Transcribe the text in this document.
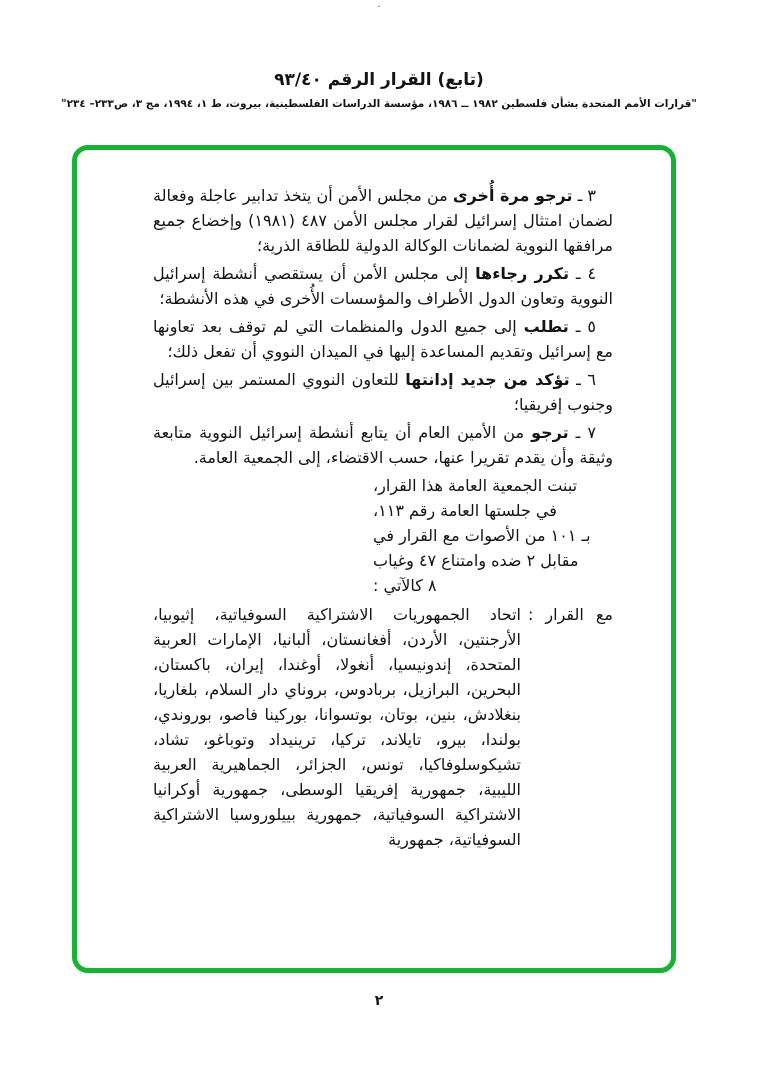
·
(تابع) القرار الرقم ٩٣/٤٠
"قرارات الأمم المتحدة بشأن فلسطين ١٩٨٢ ــ ١٩٨٦، مؤسسة الدراسات الفلسطينية، بيروت، ط ١، ١٩٩٤، مج ٣، ص٢٣٣– ٢٣٤"

٣ ـ ترجو مرة أُخرى من مجلس الأمن أن يتخذ تدابير عاجلة وفعالة لضمان امتثال إسرائيل لقرار مجلس الأمن ٤٨٧ (١٩٨١) وإخضاع جميع مرافقها النووية لضمانات الوكالة الدولية للطاقة الذرية؛

٤ ـ تكرر رجاءها إلى مجلس الأمن أن يستقصي أنشطة إسرائيل النووية وتعاون الدول الأطراف والمؤسسات الأُخرى في هذه الأنشطة؛

٥ ـ تطلب إلى جميع الدول والمنظمات التي لم توقف بعد تعاونها مع إسرائيل وتقديم المساعدة إليها في الميدان النووي أن تفعل ذلك؛

٦ ـ تؤكد من جديد إدانتها للتعاون النووي المستمر بين إسرائيل وجنوب إفريقيا؛

٧ ـ ترجو من الأمين العام أن يتابع أنشطة إسرائيل النووية متابعة وثيقة وأن يقدم تقريرا عنها، حسب الاقتضاء، إلى الجمعية العامة.

تبنت الجمعية العامة هذا القرار،
في جلستها العامة رقم ١١٣،
بـ ١٠١ من الأصوات مع القرار في
مقابل ٢ ضده وامتناع ٤٧ وغياب
٨ كالآتي :
مع القرار :
اتحاد الجمهوريات الاشتراكية السوفياتية، إثيوبيا، الأرجنتين، الأردن، أفغانستان، ألبانيا، الإمارات العربية المتحدة، إندونيسيا، أنغولا، أوغندا، إيران، باكستان، البحرين، البرازيل، بربادوس، بروناي دار السلام، بلغاريا، بنغلادش، بنين، بوتان، بوتسوانا، بوركينا فاصو، بوروندي، بولندا، بيرو، تايلاند، تركيا، ترينيداد وتوباغو، تشاد، تشيكوسلوفاكيا، تونس، الجزائر، الجماهيرية العربية الليبية، جمهورية إفريقيا الوسطى، جمهورية أوكرانيا الاشتراكية السوفياتية، جمهورية بييلوروسيا الاشتراكية السوفياتية، جمهورية
٢
